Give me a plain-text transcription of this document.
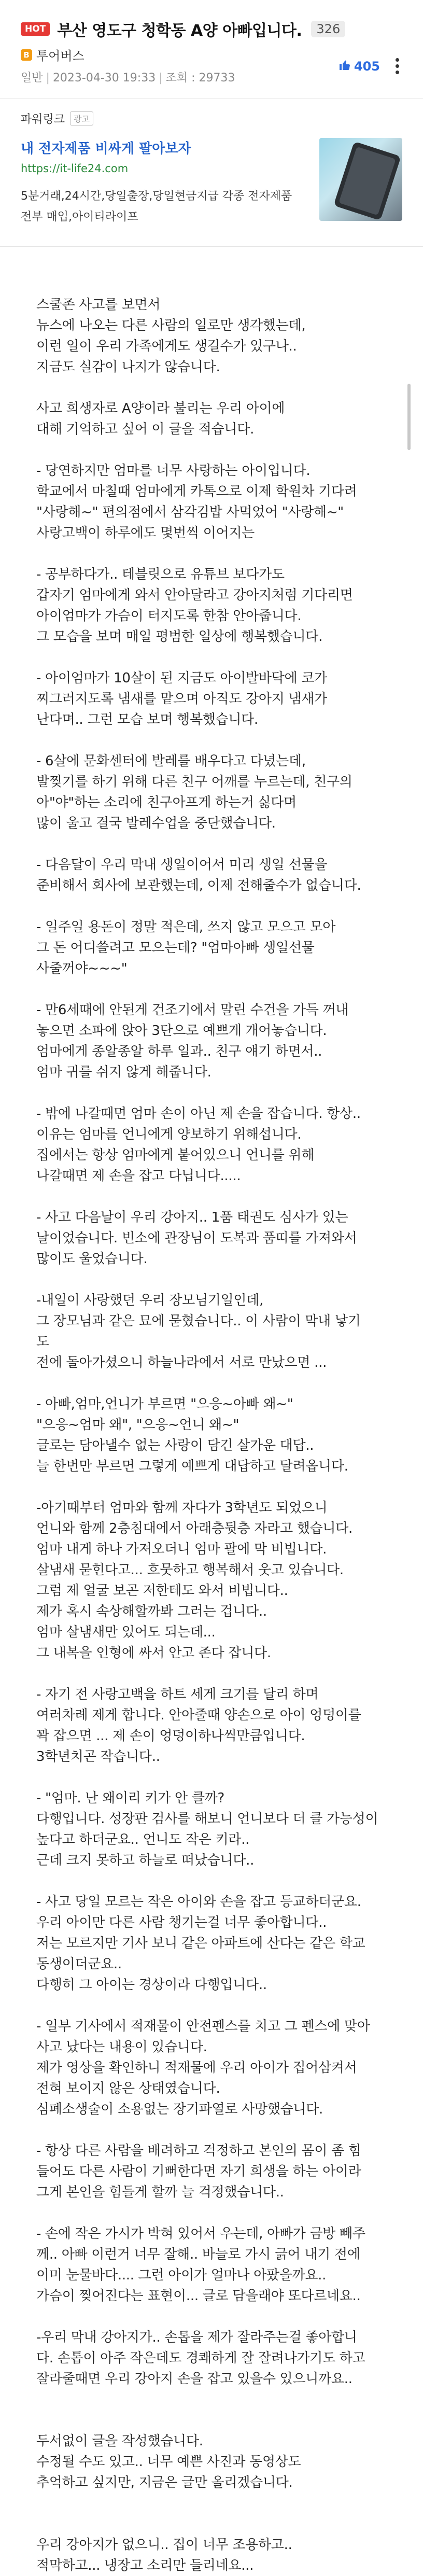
HOT 부산 영도구 청학동 A양 아빠입니다.	326
B 투어버스
일반 | 2023-04-30 19:33 | 조회 : 29733
405
파워링크	광고
내 전자제품 비싸게 팔아보자
https://it-life24.com
5분거래,24시간,당일출장,당일현금지급 각종 전자제품 전부 매입,아이티라이프

스쿨존 사고를 보면서
뉴스에 나오는 다른 사람의 일로만 생각했는데,
이런 일이 우리 가족에게도 생길수가 있구나..
지금도 실감이 나지가 않습니다.

사고 희생자로 A양이라 불리는 우리 아이에
대해 기억하고 싶어 이 글을 적습니다.

- 당연하지만 엄마를 너무 사랑하는 아이입니다.
학교에서 마칠때 엄마에게 카톡으로 이제 학원차 기다려
"사랑해~" 편의점에서 삼각김밥 사먹었어 "사랑해~"
사랑고백이 하루에도 몇번씩 이어지는

- 공부하다가.. 테블릿으로 유튜브 보다가도
갑자기 엄마에게 와서 안아달라고 강아지처럼 기다리면
아이엄마가 가슴이 터지도록 한참 안아줍니다.
그 모습을 보며 매일 평범한 일상에 행복했습니다.

- 아이엄마가 10살이 된 지금도 아이발바닥에 코가
찌그러지도록 냄새를 맡으며 아직도 강아지 냄새가
난다며.. 그런 모습 보며 행복했습니다.

- 6살에 문화센터에 발레를 배우다고 다녔는데,
발찢기를 하기 위해 다른 친구 어깨를 누르는데, 친구의
아"야"하는 소리에 친구아프게 하는거 싫다며
많이 울고 결국 발레수업을 중단했습니다.

- 다음달이 우리 막내 생일이어서 미리 생일 선물을
준비해서 회사에 보관했는데, 이제 전해줄수가 없습니다.

- 일주일 용돈이 정말 적은데, 쓰지 않고 모으고 모아
그 돈 어디쓸려고 모으는데? "엄마아빠 생일선물
사줄꺼야~~~"

- 만6세때에 안된게 건조기에서 말린 수건을 가득 꺼내
놓으면 소파에 앉아 3단으로 예쁘게 개어놓습니다.
엄마에게 종알종알 하루 일과.. 친구 얘기 하면서..
엄마 귀를 쉬지 않게 해줍니다.

- 밖에 나갈때면 엄마 손이 아닌 제 손을 잡습니다. 항상..
이유는 엄마를 언니에게 양보하기 위해섭니다.
집에서는 항상 엄마에게 붙어있으니 언니를 위해
나갈때면 제 손을 잡고 다닙니다.....

- 사고 다음날이 우리 강아지.. 1품 태권도 심사가 있는
날이었습니다. 빈소에 관장님이 도복과 품띠를 가져와서
많이도 울었습니다.

-내일이 사랑했던 우리 장모님기일인데,
그 장모님과 같은 묘에 묻혔습니다.. 이 사람이 막내 낳기
도
전에 돌아가셨으니 하늘나라에서 서로 만났으면 ...

- 아빠,엄마,언니가 부르면 "으응~아빠 왜~"
"으응~엄마 왜", "으응~언니 왜~"
글로는 담아낼수 없는 사랑이 담긴 살가운 대답..
늘 한번만 부르면 그렇게 예쁘게 대답하고 달려옵니다.

-아기때부터 엄마와 함께 자다가 3학년도 되었으니
언니와 함께 2층침대에서 아래층뒷층 자라고 했습니다.
엄마 내게 하나 가져오더니 엄마 팔에 막 비빕니다.
살냄새 묻힌다고... 흐뭇하고 행복해서 웃고 있습니다.
그럼 제 얼굴 보곤 저한테도 와서 비빕니다..
제가 혹시 속상해할까봐 그러는 겁니다..
엄마 살냄새만 있어도 되는데...
그 내복을 인형에 싸서 안고 존다 잡니다.

- 자기 전 사랑고백을 하트 세게 크기를 달리 하며
여러차례 제게 합니다. 안아줄때 양손으로 아이 엉덩이를
꽉 잡으면 ... 제 손이 엉덩이하나씩만큼입니다.
3학년치곤 작습니다..

- "엄마. 난 왜이리 키가 안 클까?
다행입니다. 성장판 검사를 해보니 언니보다 더 클 가능성이
높다고 하더군요.. 언니도 작은 키라..
근데 크지 못하고 하늘로 떠났습니다..

- 사고 당일 모르는 작은 아이와 손을 잡고 등교하더군요.
우리 아이만 다른 사람 챙기는걸 너무 좋아합니다..
저는 모르지만 기사 보니 같은 아파트에 산다는 같은 학교
동생이더군요..
다행히 그 아이는 경상이라 다행입니다..

- 일부 기사에서 적재물이 안전펜스를 치고 그 펜스에 맞아
사고 났다는 내용이 있습니다.
제가 영상을 확인하니 적재물에 우리 아이가 집어삼켜서
전혀 보이지 않은 상태였습니다.
심폐소생술이 소용없는 장기파열로 사망했습니다.

- 항상 다른 사람을 배려하고 걱정하고 본인의 몸이 좀 힘
들어도 다른 사람이 기뻐한다면 자기 희생을 하는 아이라
그게 본인을 힘들게 할까 늘 걱정했습니다..

- 손에 작은 가시가 박혀 있어서 우는데, 아빠가 금방 빼주
께.. 아빠 이런거 너무 잘해.. 바늘로 가시 긁어 내기 전에
이미 눈물바다.... 그런 아이가 얼마나 아팠을까요..
가슴이 찢어진다는 표현이... 글로 담을래야 또다르네요..

-우리 막내 강아지가.. 손톱을 제가 잘라주는걸 좋아합니
다. 손톱이 아주 작은데도 경쾌하게 잘 잘려나가기도 하고
잘라줄때면 우리 강아지 손을 잡고 있을수 있으니까요..

두서없이 글을 작성했습니다.
수정될 수도 있고.. 너무 예쁜 사진과 동영상도
추억하고 싶지만, 지금은 글만 올리겠습니다.

우리 강아지가 없으니.. 집이 너무 조용하고..
적막하고... 냉장고 소리만 들리네요...
